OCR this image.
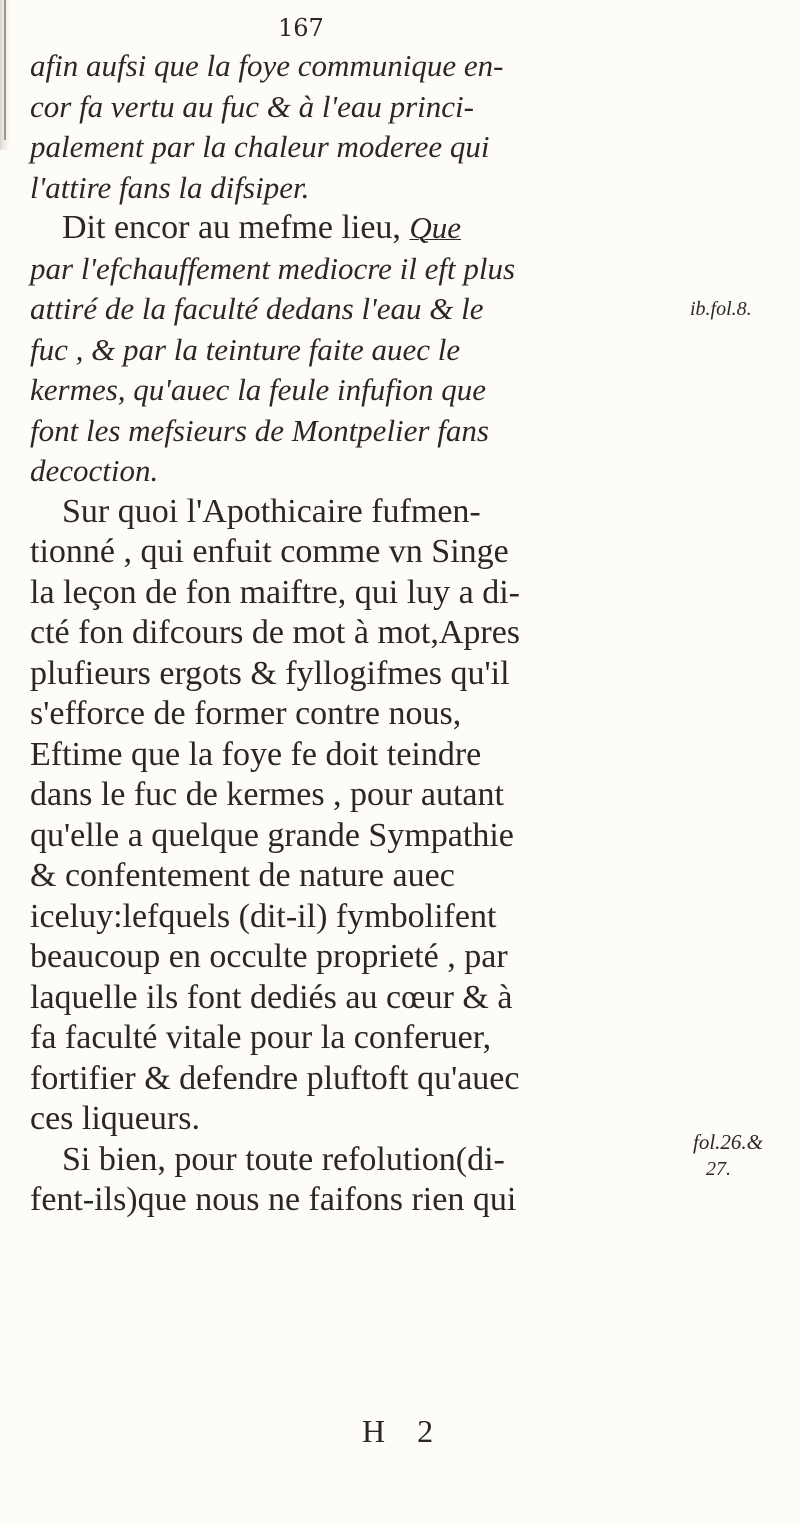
167
afin aufsi que la foye communique en-
cor fa vertu au fuc & à l'eau princi-
palement par la chaleur moderee qui
l'attire fans la difsiper.
Dit encor au mefme lieu, Que
par l'efchauffement mediocre il eft plus
attiré de la faculté dedans l'eau & le
fuc , & par la teinture faite auec le
kermes, qu'auec la feule infufion que
font les mefsieurs de Montpelier fans
decoction.
Sur quoi l'Apothicaire fufmen-
tionné , qui enfuit comme vn Singe
la leçon de fon maiftre, qui luy a di-
cté fon difcours de mot à mot,Apres
plufieurs ergots & fyllogifmes qu'il
s'efforce de former contre nous,
Eftime que la foye fe doit teindre
dans le fuc de kermes , pour autant
qu'elle a quelque grande Sympathie
& confentement de nature auec
iceluy:lefquels (dit-il) fymbolifent
beaucoup en occulte proprieté , par
laquelle ils font dediés au cœur & à
fa faculté vitale pour la conferuer,
fortifier & defendre pluftoft qu'auec
ces liqueurs.
Si bien, pour toute refolution(di-
fent-ils)que nous ne faifons rien qui
ib.fol.8.
fol.26.&
27.
H 2
